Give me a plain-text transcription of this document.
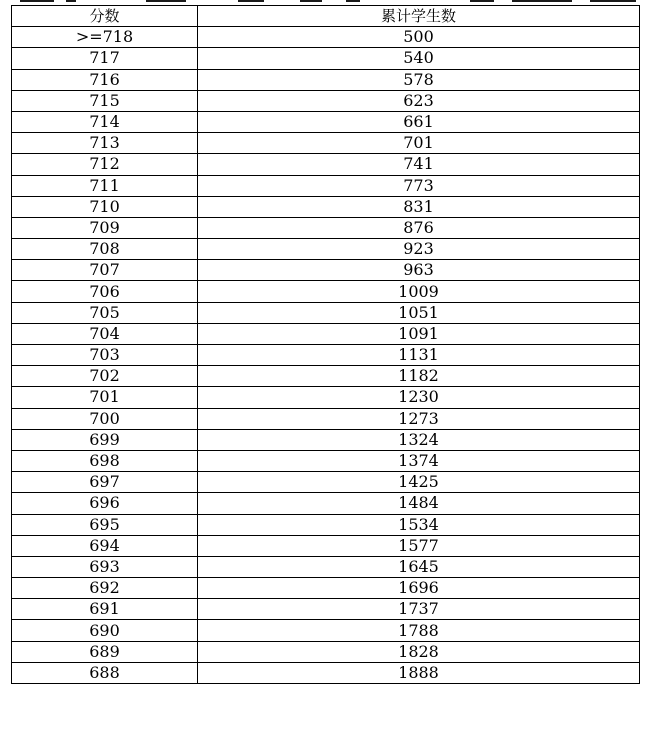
分数	累计学生数
>=718	500
717	540
716	578
715	623
714	661
713	701
712	741
711	773
710	831
709	876
708	923
707	963
706	1009
705	1051
704	1091
703	1131
702	1182
701	1230
700	1273
699	1324
698	1374
697	1425
696	1484
695	1534
694	1577
693	1645
692	1696
691	1737
690	1788
689	1828
688	1888
